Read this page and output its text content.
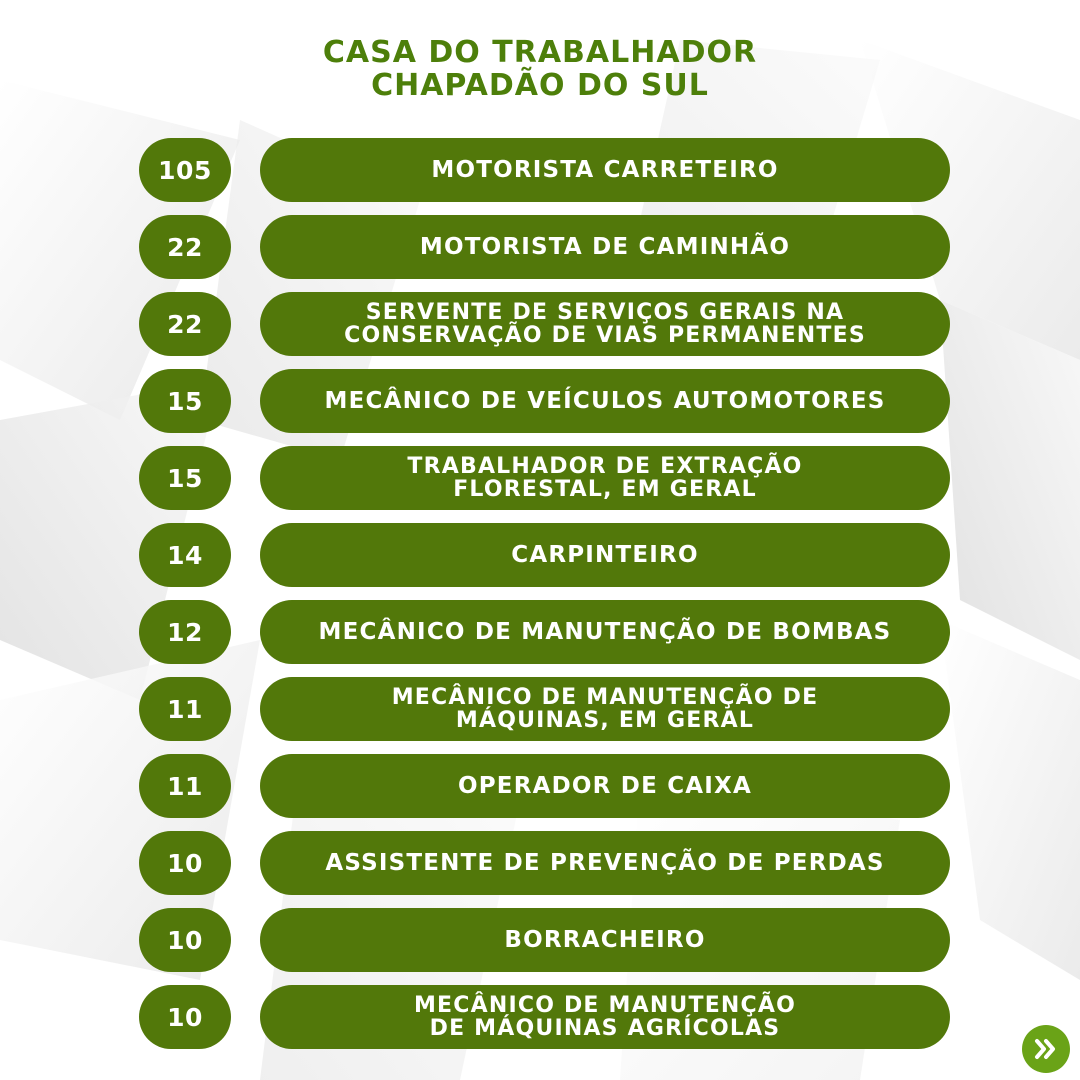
CASA DO TRABALHADOR
CHAPADÃO DO SUL
105	MOTORISTA CARRETEIRO
22	MOTORISTA DE CAMINHÃO
22	SERVENTE DE SERVIÇOS GERAIS NA
CONSERVAÇÃO DE VIAS PERMANENTES
15	MECÂNICO DE VEÍCULOS AUTOMOTORES
15	TRABALHADOR DE EXTRAÇÃO
FLORESTAL, EM GERAL
14	CARPINTEIRO
12	MECÂNICO DE MANUTENÇÃO DE BOMBAS
11	MECÂNICO DE MANUTENÇÃO DE
MÁQUINAS, EM GERAL
11	OPERADOR DE CAIXA
10	ASSISTENTE DE PREVENÇÃO DE PERDAS
10	BORRACHEIRO
10	MECÂNICO DE MANUTENÇÃO
DE MÁQUINAS AGRÍCOLAS
